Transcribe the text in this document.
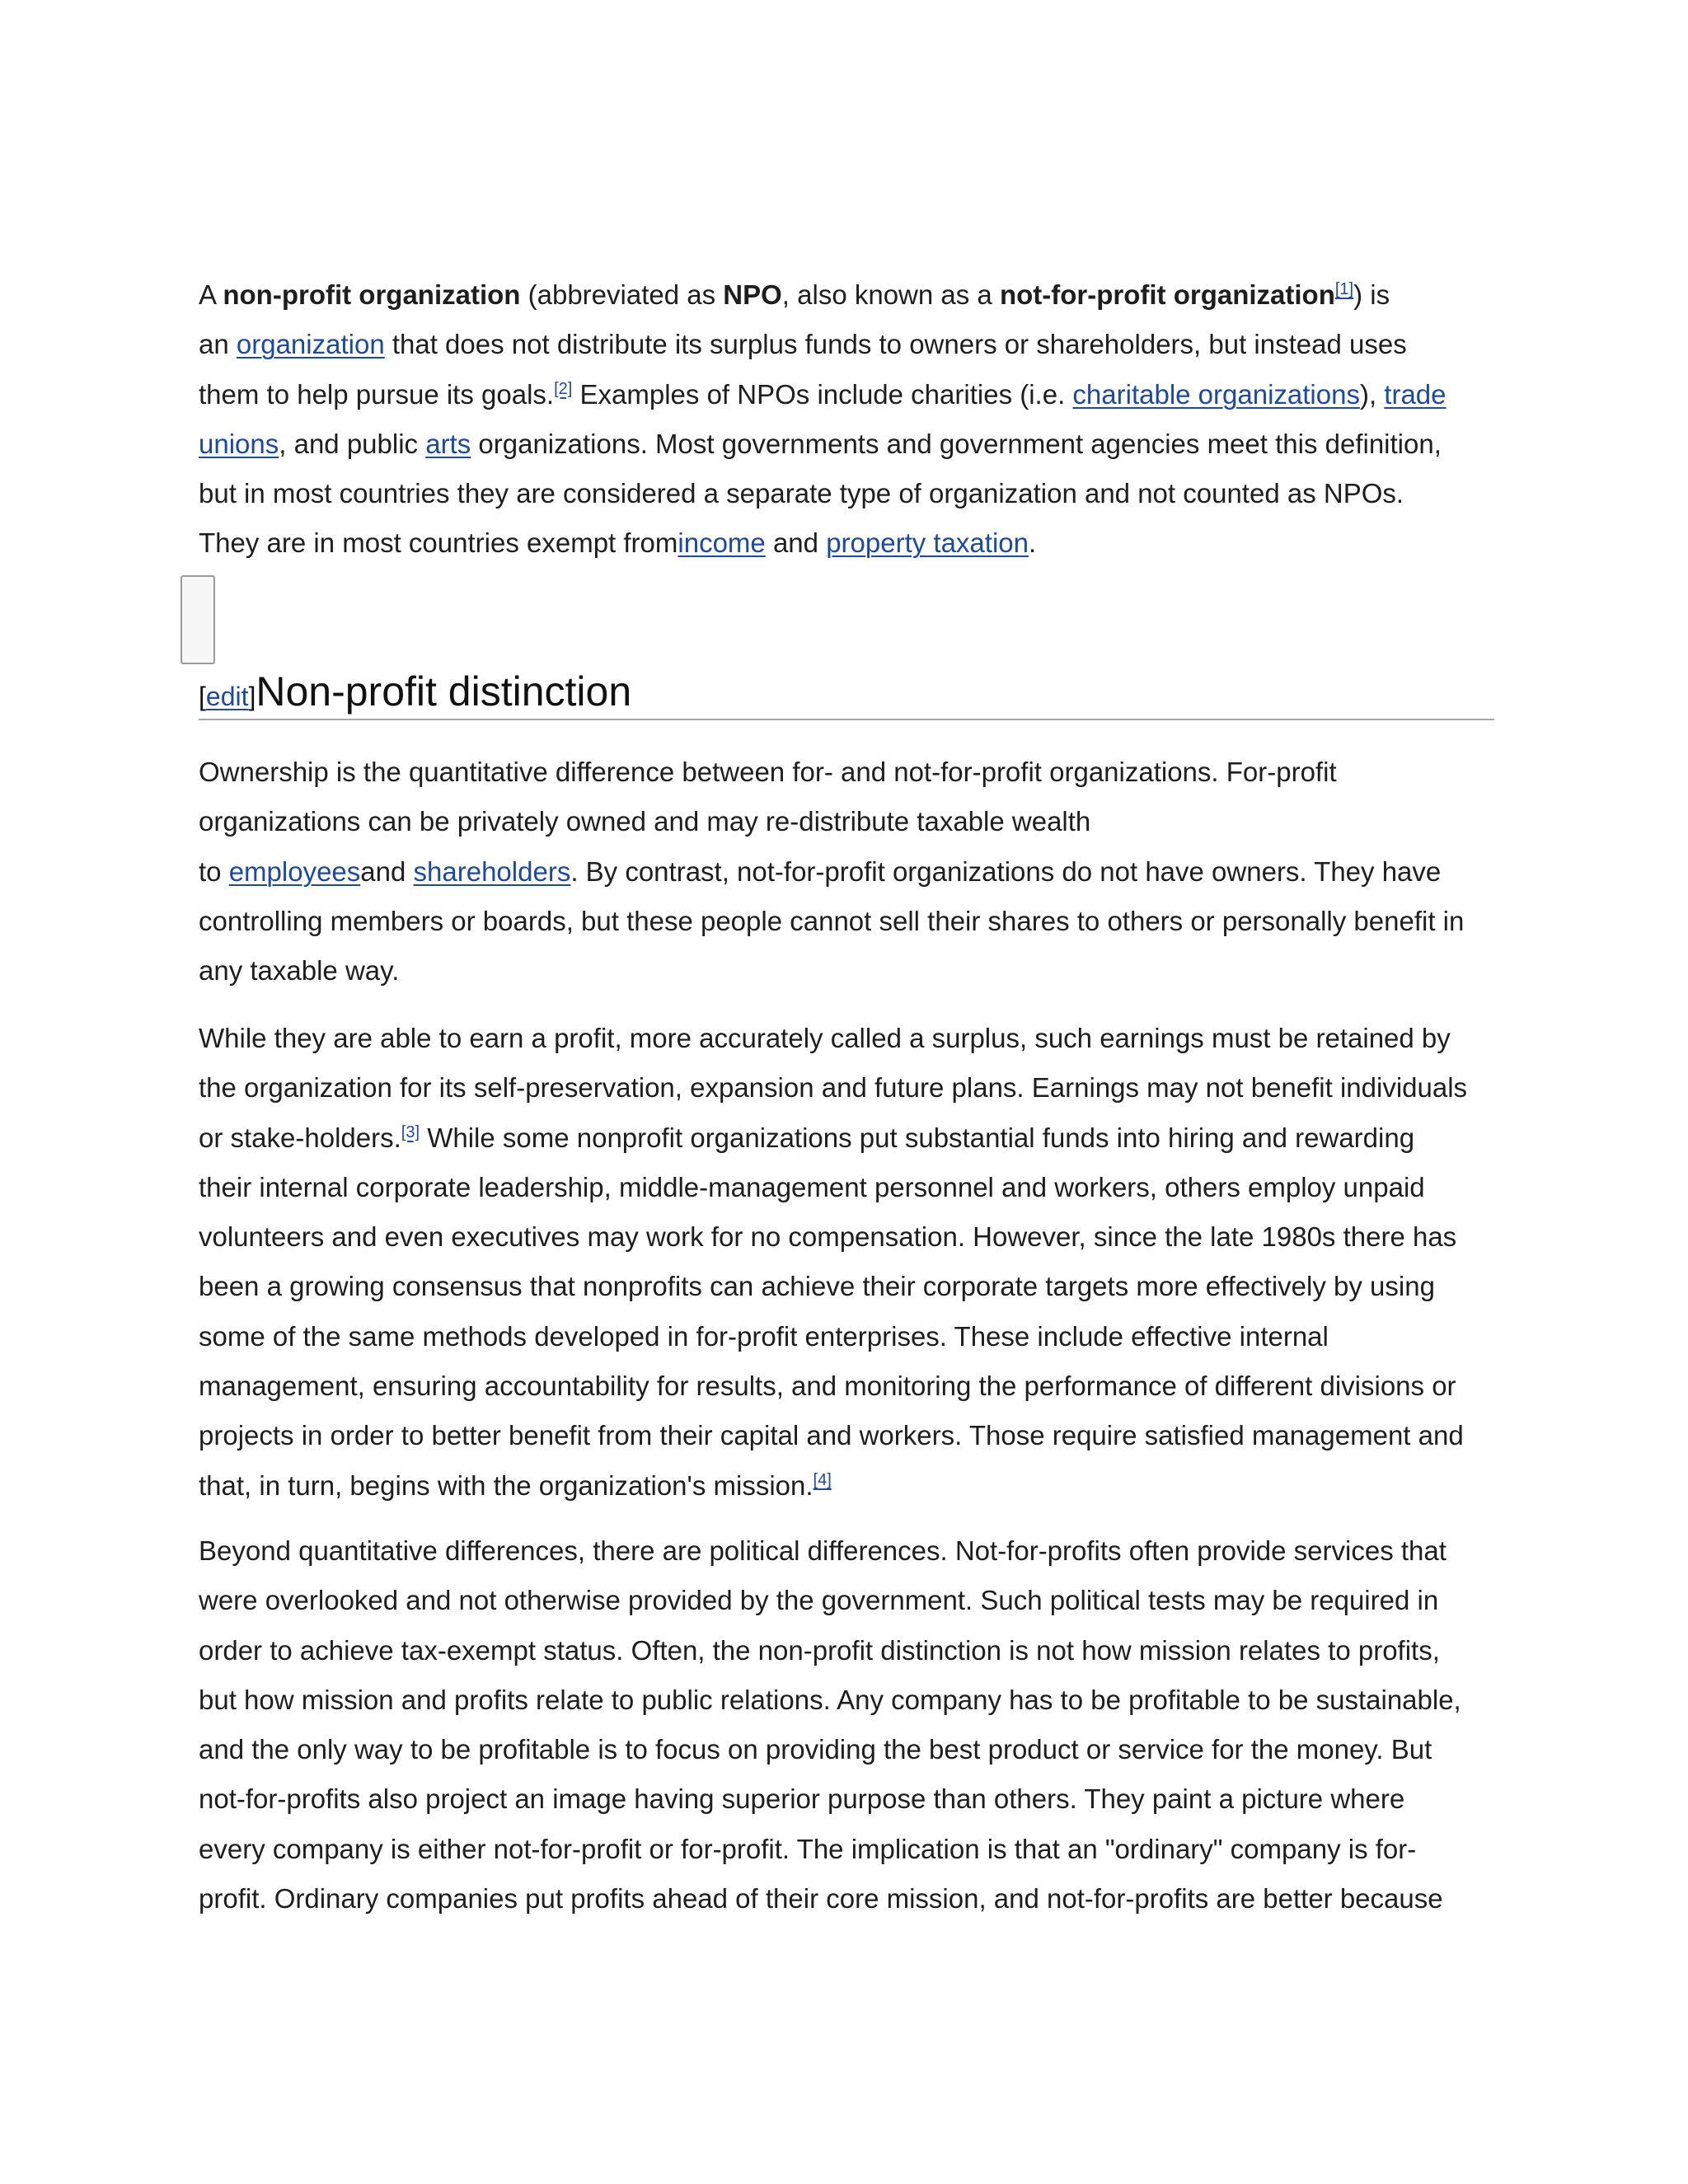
A non-profit organization (abbreviated as NPO, also known as a not-for-profit organization[1]) is

an organization that does not distribute its surplus funds to owners or shareholders, but instead uses

them to help pursue its goals.[2] Examples of NPOs include charities (i.e. charitable organizations), trade

unions, and public arts organizations. Most governments and government agencies meet this definition,

but in most countries they are considered a separate type of organization and not counted as NPOs.

They are in most countries exempt fromincome and property taxation.

[edit]Non-profit distinction

Ownership is the quantitative difference between for- and not-for-profit organizations. For-profit

organizations can be privately owned and may re-distribute taxable wealth

to employeesand shareholders. By contrast, not-for-profit organizations do not have owners. They have

controlling members or boards, but these people cannot sell their shares to others or personally benefit in

any taxable way.

While they are able to earn a profit, more accurately called a surplus, such earnings must be retained by

the organization for its self-preservation, expansion and future plans. Earnings may not benefit individuals

or stake-holders.[3] While some nonprofit organizations put substantial funds into hiring and rewarding

their internal corporate leadership, middle-management personnel and workers, others employ unpaid

volunteers and even executives may work for no compensation. However, since the late 1980s there has

been a growing consensus that nonprofits can achieve their corporate targets more effectively by using

some of the same methods developed in for-profit enterprises. These include effective internal

management, ensuring accountability for results, and monitoring the performance of different divisions or

projects in order to better benefit from their capital and workers. Those require satisfied management and

that, in turn, begins with the organization's mission.[4]

Beyond quantitative differences, there are political differences. Not-for-profits often provide services that

were overlooked and not otherwise provided by the government. Such political tests may be required in

order to achieve tax-exempt status. Often, the non-profit distinction is not how mission relates to profits,

but how mission and profits relate to public relations. Any company has to be profitable to be sustainable,

and the only way to be profitable is to focus on providing the best product or service for the money. But

not-for-profits also project an image having superior purpose than others. They paint a picture where

every company is either not-for-profit or for-profit. The implication is that an "ordinary" company is for-

profit. Ordinary companies put profits ahead of their core mission, and not-for-profits are better because
